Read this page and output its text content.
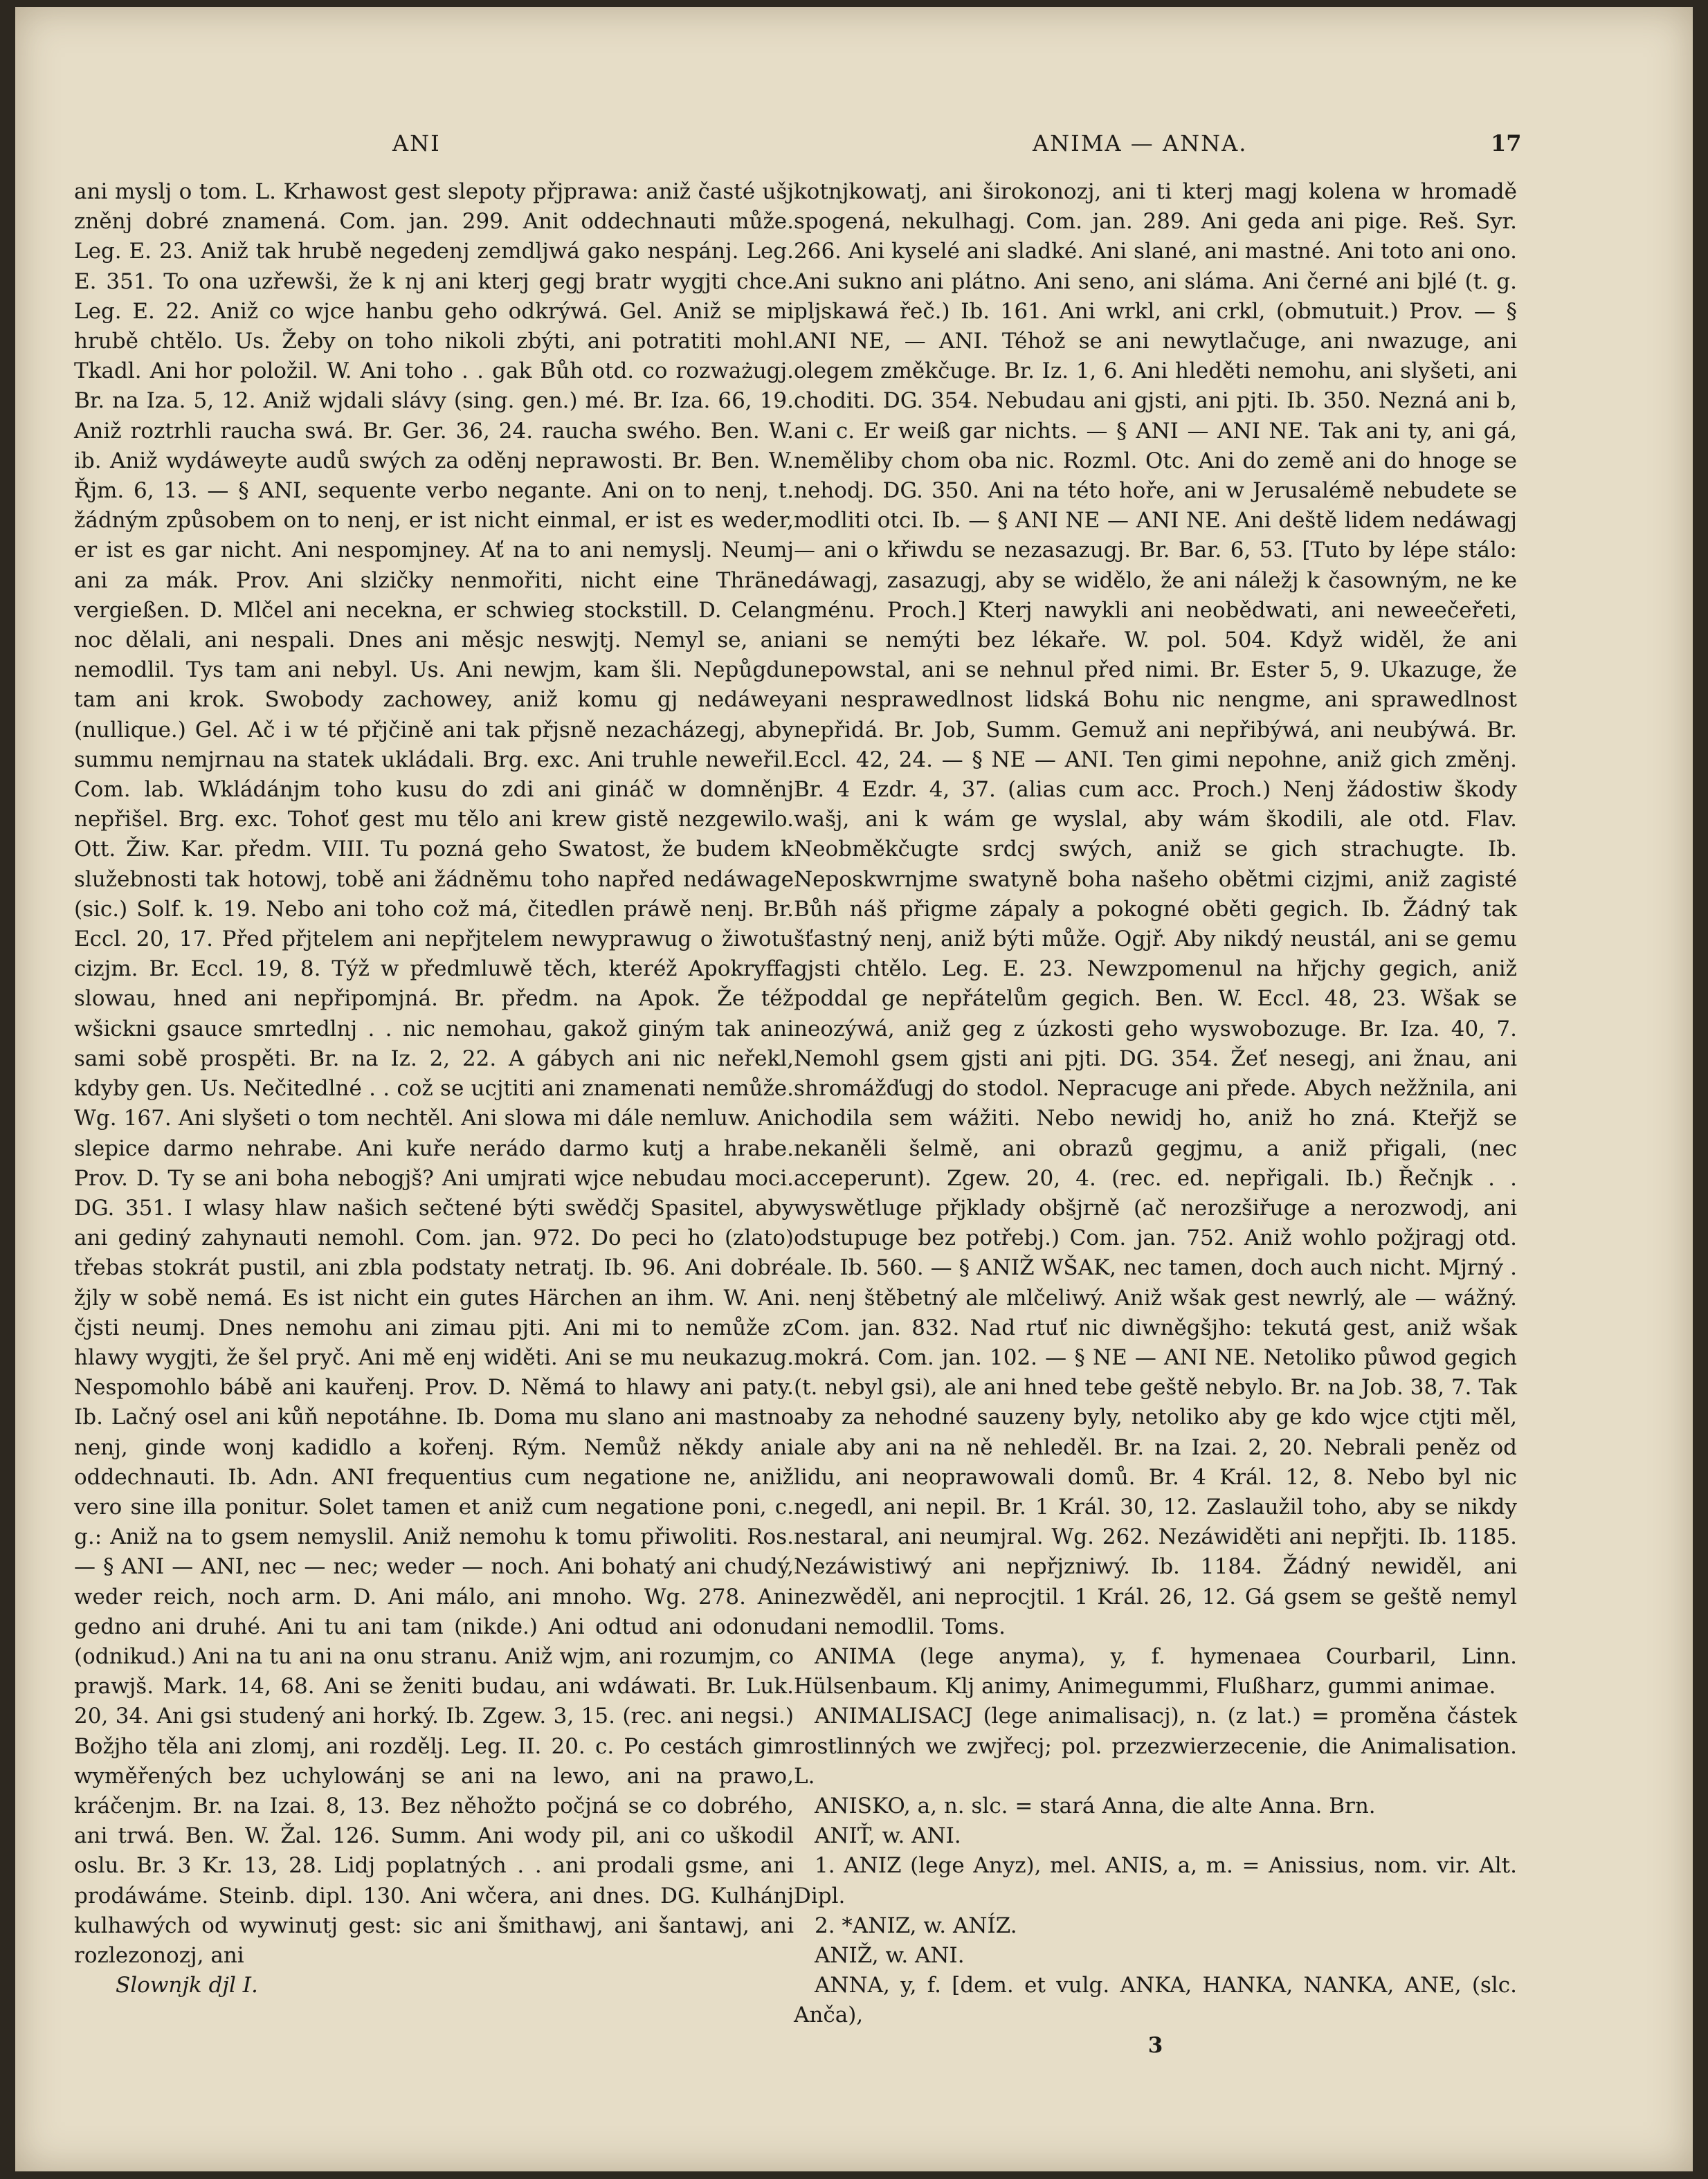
ANI	ANIMA — ANNA.	17

ani myslj o tom. L. Krhawost gest slepoty přjprawa: aniž časté ušj zněnj dobré znamená. Com. jan. 299. Anit oddechnauti může. Leg. E. 23. Aniž tak hrubě negedenj zemdljwá gako nespánj. Leg. E. 351. To ona uzřewši, že k nj ani kterj gegj bratr wygjti chce. Leg. E. 22. Aniž co wjce hanbu geho odkrýwá. Gel. Aniž se mi hrubě chtělo. Us. Žeby on toho nikoli zbýti, ani potratiti mohl. Tkadl. Ani hor položil. W. Ani toho . . gak Bůh otd. co rozważugj. Br. na Iza. 5, 12. Aniž wjdali slávy (sing. gen.) mé. Br. Iza. 66, 19. Aniž roztrhli raucha swá. Br. Ger. 36, 24. raucha swého. Ben. W. ib. Aniž wydáweyte audů swých za oděnj neprawosti. Br. Ben. W. Řjm. 6, 13. — § ANI, sequente verbo negante. Ani on to nenj, t. žádným způsobem on to nenj, er ist nicht einmal, er ist es weder, er ist es gar nicht. Ani nespomjney. Ať na to ani nemyslj. Neumj ani za mák. Prov. Ani slzičky nenmořiti, nicht eine Thräne vergießen. D. Mlčel ani necekna, er schwieg stockstill. D. Celan noc dělali, ani nespali. Dnes ani měsjc neswjtj. Nemyl se, ani nemodlil. Tys tam ani nebyl. Us. Ani newjm, kam šli. Nepůgdu tam ani krok. Swobody zachowey, aniž komu gj nedáwey (nullique.) Gel. Ač i w té přjčině ani tak přjsně nezacházegj, aby summu nemjrnau na statek ukládali. Brg. exc. Ani truhle neweřil. Com. lab. Wkládánjm toho kusu do zdi ani gináč w domněnj nepřišel. Brg. exc. Tohoť gest mu tělo ani krew gistě nezgewilo. Ott. Žiw. Kar. předm. VIII. Tu pozná geho Swatost, že budem k služebnosti tak hotowj, tobě ani žádněmu toho napřed nedáwage (sic.) Solf. k. 19. Nebo ani toho což má, čitedlen práwě nenj. Br. Eccl. 20, 17. Před přjtelem ani nepřjtelem newyprawug o žiwotu cizjm. Br. Eccl. 19, 8. Týž w předmluwě těch, kteréž Apokryffa slowau, hned ani nepřipomjná. Br. předm. na Apok. Že též wšickni gsauce smrtedlnj . . nic nemohau, gakož giným tak ani sami sobě prospěti. Br. na Iz. 2, 22. A gábych ani nic neřekl, kdyby gen. Us. Nečitedlné . . což se ucjtiti ani znamenati nemůže. Wg. 167. Ani slyšeti o tom nechtěl. Ani slowa mi dále nemluw. Ani slepice darmo nehrabe. Ani kuře nerádo darmo kutj a hrabe. Prov. D. Ty se ani boha nebogjš? Ani umjrati wjce nebudau moci. DG. 351. I wlasy hlaw našich sečtené býti swědčj Spasitel, aby ani gediný zahynauti nemohl. Com. jan. 972. Do peci ho (zlato) třebas stokrát pustil, ani zbla podstaty netratj. Ib. 96. Ani dobré žjly w sobě nemá. Es ist nicht ein gutes Härchen an ihm. W. Ani čjsti neumj. Dnes nemohu ani zimau pjti. Ani mi to nemůže z hlawy wygjti, že šel pryč. Ani mě enj widěti. Ani se mu neukazug. Nespomohlo bábě ani kauřenj. Prov. D. Němá to hlawy ani paty. Ib. Lačný osel ani kůň nepotáhne. Ib. Doma mu slano ani mastno nenj, ginde wonj kadidlo a kořenj. Rým. Nemůž někdy ani oddechnauti. Ib. Adn. ANI frequentius cum negatione ne, aniž vero sine illa ponitur. Solet tamen et aniž cum negatione poni, c. g.: Aniž na to gsem nemyslil. Aniž nemohu k tomu přiwoliti. Ros. — § ANI — ANI, nec — nec; weder — noch. Ani bohatý ani chudý, weder reich, noch arm. D. Ani málo, ani mnoho. Wg. 278. Ani gedno ani druhé. Ani tu ani tam (nikde.) Ani odtud ani odonud (odnikud.) Ani na tu ani na onu stranu. Aniž wjm, ani rozumjm, co prawjš. Mark. 14, 68. Ani se ženiti budau, ani wdáwati. Br. Luk. 20, 34. Ani gsi studený ani horký. Ib. Zgew. 3, 15. (rec. ani negsi.) Božjho těla ani zlomj, ani rozdělj. Leg. II. 20. c. Po cestách gim wyměřených bez uchylowánj se ani na lewo, ani na prawo, kráčenjm. Br. na Izai. 8, 13. Bez něhožto počjná se co dobrého, ani trwá. Ben. W. Žal. 126. Summ. Ani wody pil, ani co uškodil oslu. Br. 3 Kr. 13, 28. Lidj poplatných . . ani prodali gsme, ani prodáwáme. Steinb. dipl. 130. Ani wčera, ani dnes. DG. Kulhánj kulhawých od wywinutj gest: sic ani šmithawj, ani šantawj, ani rozlezonozj, ani

Slownjk djl I.

kotnjkowatj, ani širokonozj, ani ti kterj magj kolena w hromadě spogená, nekulhagj. Com. jan. 289. Ani geda ani pige. Reš. Syr. 266. Ani kyselé ani sladké. Ani slané, ani mastné. Ani toto ani ono. Ani sukno ani plátno. Ani seno, ani sláma. Ani černé ani bjlé (t. g. pljskawá řeč.) Ib. 161. Ani wrkl, ani crkl, (obmutuit.) Prov. — § ANI NE, — ANI. Téhož se ani newytlačuge, ani nwazuge, ani olegem změkčuge. Br. Iz. 1, 6. Ani hleděti nemohu, ani slyšeti, ani choditi. DG. 354. Nebudau ani gjsti, ani pjti. Ib. 350. Nezná ani b, ani c. Er weiß gar nichts. — § ANI — ANI NE. Tak ani ty, ani gá, neměliby chom oba nic. Rozml. Otc. Ani do země ani do hnoge se nehodj. DG. 350. Ani na této hoře, ani w Jerusalémě nebudete se modliti otci. Ib. — § ANI NE — ANI NE. Ani deště lidem nedáwagj — ani o křiwdu se nezasazugj. Br. Bar. 6, 53. [Tuto by lépe stálo: dáwagj, zasazugj, aby se widělo, že ani náležj k časowným, ne ke gménu. Proch.] Kterj nawykli ani neobědwati, ani neweečeřeti, ani se nemýti bez lékaře. W. pol. 504. Když widěl, že ani nepowstal, ani se nehnul před nimi. Br. Ester 5, 9. Ukazuge, že ani nesprawedlnost lidská Bohu nic nengme, ani sprawedlnost nepřidá. Br. Job, Summ. Gemuž ani nepřibýwá, ani neubýwá. Br. Eccl. 42, 24. — § NE — ANI. Ten gimi nepohne, aniž gich změnj. Br. 4 Ezdr. 4, 37. (alias cum acc. Proch.) Nenj žádostiw škody wašj, ani k wám ge wyslal, aby wám škodili, ale otd. Flav. Neobměkčugte srdcj swých, aniž se gich strachugte. Ib. Neposkwrnjme swatyně boha našeho obětmi cizjmi, aniž zagisté Bůh náš přigme zápaly a pokogné oběti gegich. Ib. Žádný tak šťastný nenj, aniž býti může. Ogjř. Aby nikdý neustál, ani se gemu gjsti chtělo. Leg. E. 23. Newzpomenul na hřjchy gegich, aniž poddal ge nepřátelům gegich. Ben. W. Eccl. 48, 23. Wšak se neozýwá, aniž geg z úzkosti geho wyswobozuge. Br. Iza. 40, 7. Nemohl gsem gjsti ani pjti. DG. 354. Žeť nesegj, ani žnau, ani shromážďugj do stodol. Nepracuge ani přede. Abych nežžnila, ani chodila sem wážiti. Nebo newidj ho, aniž ho zná. Kteřjž se nekaněli šelmě, ani obrazů gegjmu, a aniž přigali, (nec acceperunt). Zgew. 20, 4. (rec. ed. nepřigali. Ib.) Řečnjk . . wyswětluge přjklady obšjrně (ač nerozšiřuge a nerozwodj, ani odstupuge bez potřebj.) Com. jan. 752. Aniž wohlo požjragj otd. ale. Ib. 560. — § ANIŽ WŠAK, nec tamen, doch auch nicht. Mjrný . . nenj štěbetný ale mlčeliwý. Aniž wšak gest newrlý, ale — wážný. Com. jan. 832. Nad rtuť nic diwněgšjho: tekutá gest, aniž wšak mokrá. Com. jan. 102. — § NE — ANI NE. Netoliko půwod gegich (t. nebyl gsi), ale ani hned tebe geště nebylo. Br. na Job. 38, 7. Tak aby za nehodné sauzeny byly, netoliko aby ge kdo wjce ctjti měl, ale aby ani na ně nehleděl. Br. na Izai. 2, 20. Nebrali peněz od lidu, ani neoprawowali domů. Br. 4 Král. 12, 8. Nebo byl nic negedl, ani nepil. Br. 1 Král. 30, 12. Zaslaužil toho, aby se nikdy nestaral, ani neumjral. Wg. 262. Nezáwiděti ani nepřjti. Ib. 1185. Nezáwistiwý ani nepřjzniwý. Ib. 1184. Žádný newiděl, ani nezwěděl, ani neprocjtil. 1 Král. 26, 12. Gá gsem se geště nemyl ani nemodlil. Toms.

ANIMA (lege anyma), y, f. hymenaea Courbaril, Linn. Hülsenbaum. Klj animy, Animegummi, Flußharz, gummi animae.

ANIMALISACJ (lege animalisacj), n. (z lat.) = proměna částek rostlinných we zwjřecj; pol. przezwierzecenie, die Animalisation. L.

ANISKO, a, n. slc. = stará Anna, die alte Anna. Brn.

ANIŤ, w. ANI.

1. ANIZ (lege Anyz), mel. ANIS, a, m. = Anissius, nom. vir. Alt. Dipl.

2. *ANIZ, w. ANÍZ.

ANIŽ, w. ANI.

ANNA, y, f. [dem. et vulg. ANKA, HANKA, NANKA, ANE, (slc. Anča),

3
